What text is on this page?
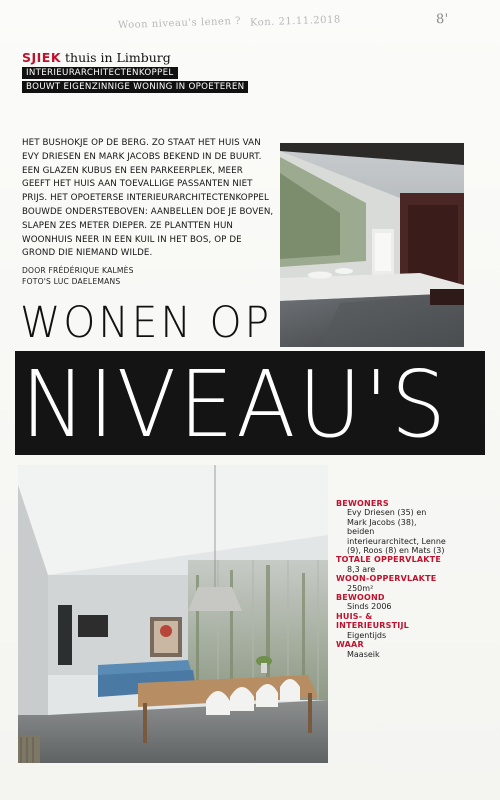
Woon niveau's lenen ? Kon. 21.11.2018	8'
SJIEK thuis in Limburg
INTERIEURARCHITECTENKOPPEL
BOUWT EIGENZINNIGE WONING IN OPOETEREN

HET BUSHOKJE OP DE BERG. ZO STAAT HET HUIS VAN EVY DRIESEN EN MARK JACOBS BEKEND IN DE BUURT. EEN GLAZEN KUBUS EN EEN PARKEERPLEK, MEER GEEFT HET HUIS AAN TOEVALLIGE PASSANTEN NIET PRIJS. HET OPOETERSE INTERIEURARCHITECTENKOPPEL BOUWDE ONDERSTEBOVEN: AANBELLEN DOE JE BOVEN, SLAPEN ZES METER DIEPER. ZE PLANTTEN HUN WOONHUIS NEER IN EEN KUIL IN HET BOS, OP DE GROND DIE NIEMAND WILDE.

DOOR FRÉDÉRIQUE KALMÈS
FOTO'S LUC DAELEMANS
WONEN OP
NIVEAU'S
BEWONERS
Evy Driesen (35) en Mark Jacobs (38), beiden interieurarchitect, Lenne (9), Roos (8) en Mats (3)
TOTALE OPPERVLAKTE
8,3 are
WOON-OPPERVLAKTE
250m²
BEWOOND
Sinds 2006
HUIS- & INTERIEURSTIJL
Eigentijds
WAAR
Maaseik
